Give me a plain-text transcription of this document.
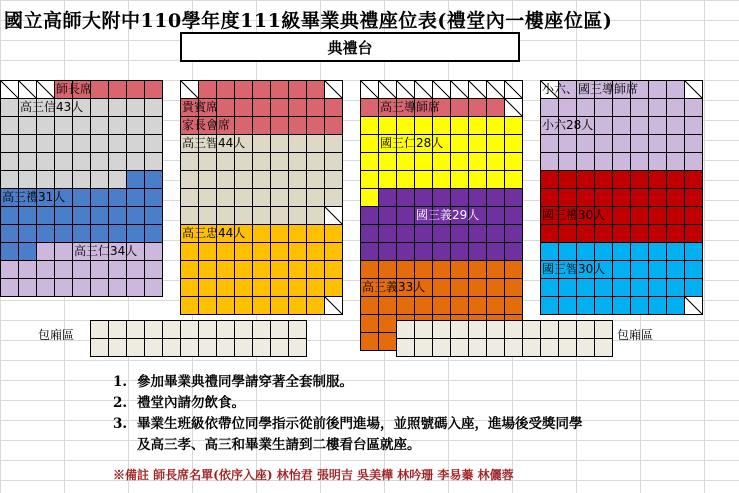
國立高師大附中110學年度111級畢業典禮座位表(禮堂內一樓座位區)
典禮台
包廂區	包廂區
1. 參加畢業典禮同學請穿著全套制服。
2. 禮堂內請勿飲食。
3. 畢業生班級依帶位同學指示從前後門進場，並照號碼入座，進場後受獎同學
及高三孝、高三和畢業生請到二樓看台區就座。
※備註 師長席名單(依序入座) 林怡君 張明吉 吳美樺 林吟珊 李易蓁 林儷蓉
師長席
高三信43人
高三禮31人
高三仁34人
貴賓席
家長會席
高三智44人
高三忠44人
高三導師席
國三仁28人
國三義29人
高三義33人
小六、國三導師席
小六28人
國三禮30人
國三智30人
